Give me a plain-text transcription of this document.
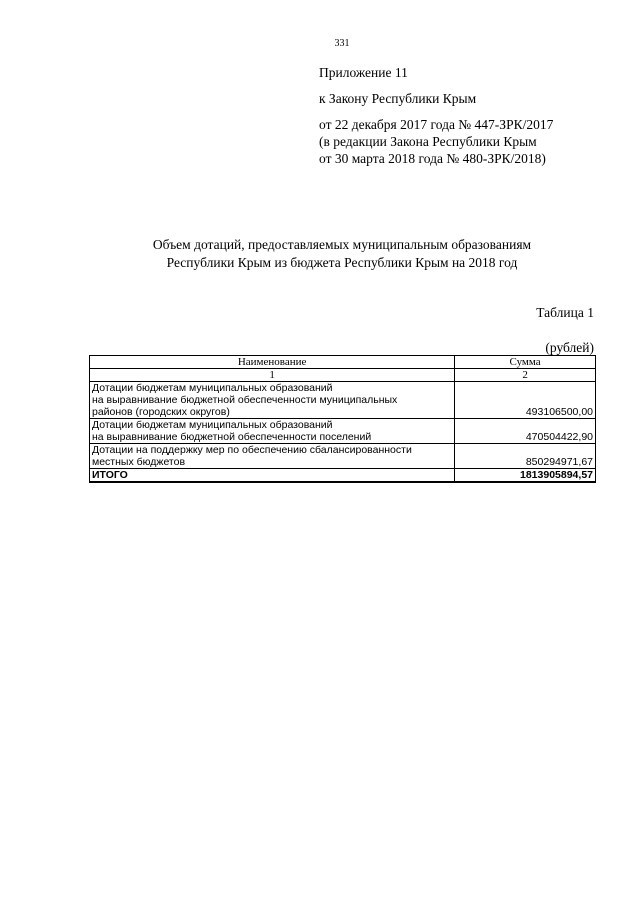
331
Приложение 11
к Закону Республики Крым
от 22 декабря 2017 года № 447-ЗРК/2017
(в редакции Закона Республики Крым
от 30 марта 2018 года № 480-ЗРК/2018)
Объем дотаций, предоставляемых муниципальным образованиям
Республики Крым из бюджета Республики Крым на 2018 год
Таблица 1
(рублей)
Наименование	Сумма
1	2

Дотации бюджетам муниципальных образований
на выравнивание бюджетной обеспеченности муниципальных
районов (городских округов)	493106500,00

Дотации бюджетам муниципальных образований
на выравнивание бюджетной обеспеченности поселений	470504422,90

Дотации на поддержку мер по обеспечению сбалансированности
местных бюджетов	850294971,67
ИТОГО	1813905894,57
